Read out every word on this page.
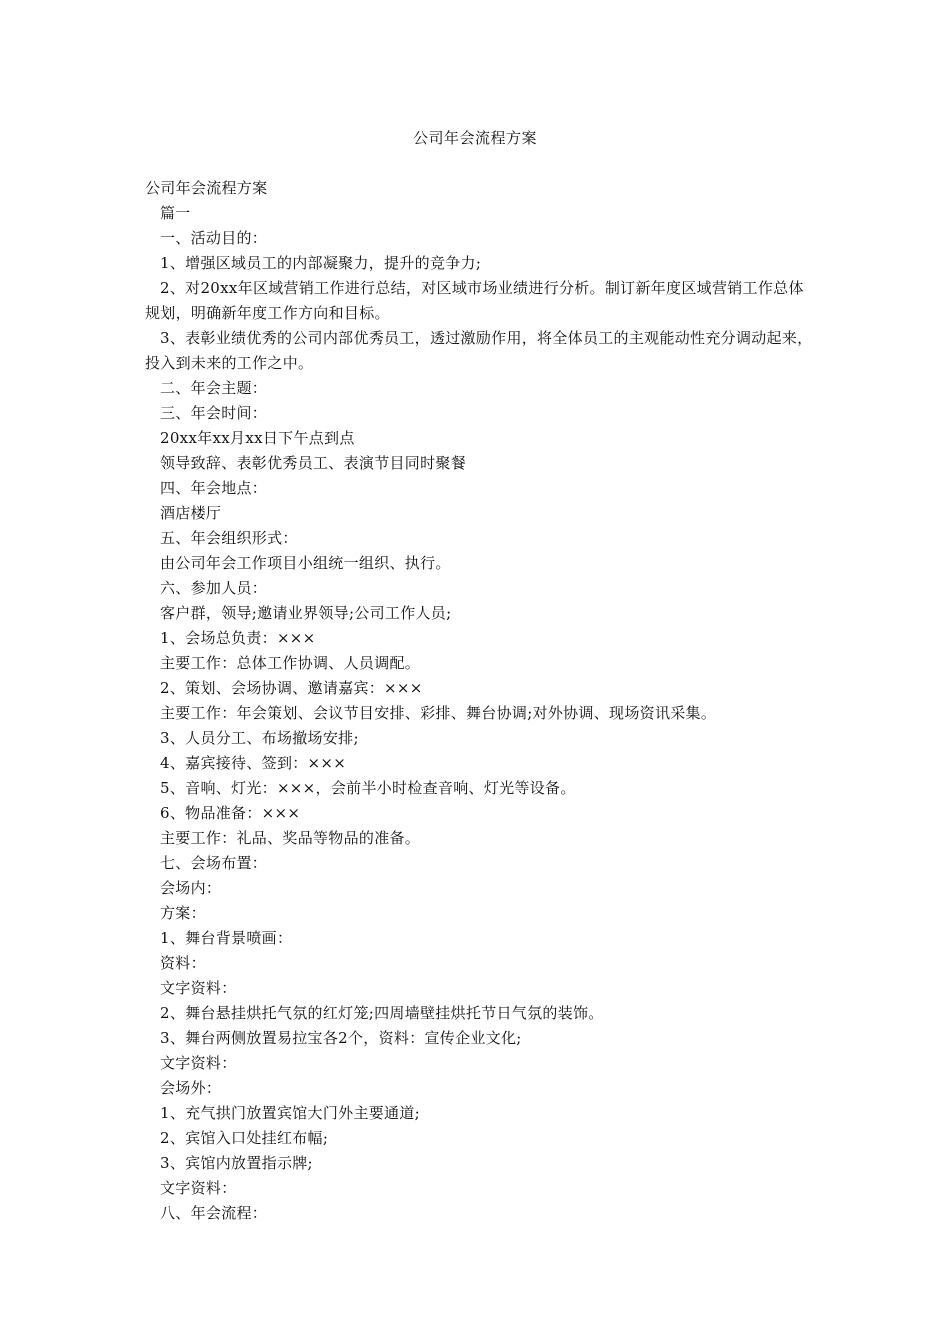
公司年会流程方案
公司年会流程方案
篇一
一、活动目的：
1、增强区域员工的内部凝聚力，提升的竞争力;
2、对20xx年区域营销工作进行总结，对区域市场业绩进行分析。制订新年度区域营销工作总体规划，明确新年度工作方向和目标。
3、表彰业绩优秀的公司内部优秀员工，透过激励作用，将全体员工的主观能动性充分调动起来，投入到未来的工作之中。
二、年会主题：
三、年会时间：
20xx年xx月xx日下午点到点
领导致辞、表彰优秀员工、表演节目同时聚餐
四、年会地点：
酒店楼厅
五、年会组织形式：
由公司年会工作项目小组统一组织、执行。
六、参加人员：
客户群，领导;邀请业界领导;公司工作人员;
1、会场总负责：×××
主要工作：总体工作协调、人员调配。
2、策划、会场协调、邀请嘉宾：×××
主要工作：年会策划、会议节目安排、彩排、舞台协调;对外协调、现场资讯采集。
3、人员分工、布场撤场安排;
4、嘉宾接待、签到：×××
5、音响、灯光：×××，会前半小时检查音响、灯光等设备。
6、物品准备：×××
主要工作：礼品、奖品等物品的准备。
七、会场布置：
会场内：
方案：
1、舞台背景喷画：
资料：
文字资料：
2、舞台悬挂烘托气氛的红灯笼;四周墙壁挂烘托节日气氛的装饰。
3、舞台两侧放置易拉宝各2个，资料：宣传企业文化;
文字资料：
会场外：
1、充气拱门放置宾馆大门外主要通道;
2、宾馆入口处挂红布幅;
3、宾馆内放置指示牌;
文字资料：
八、年会流程：
